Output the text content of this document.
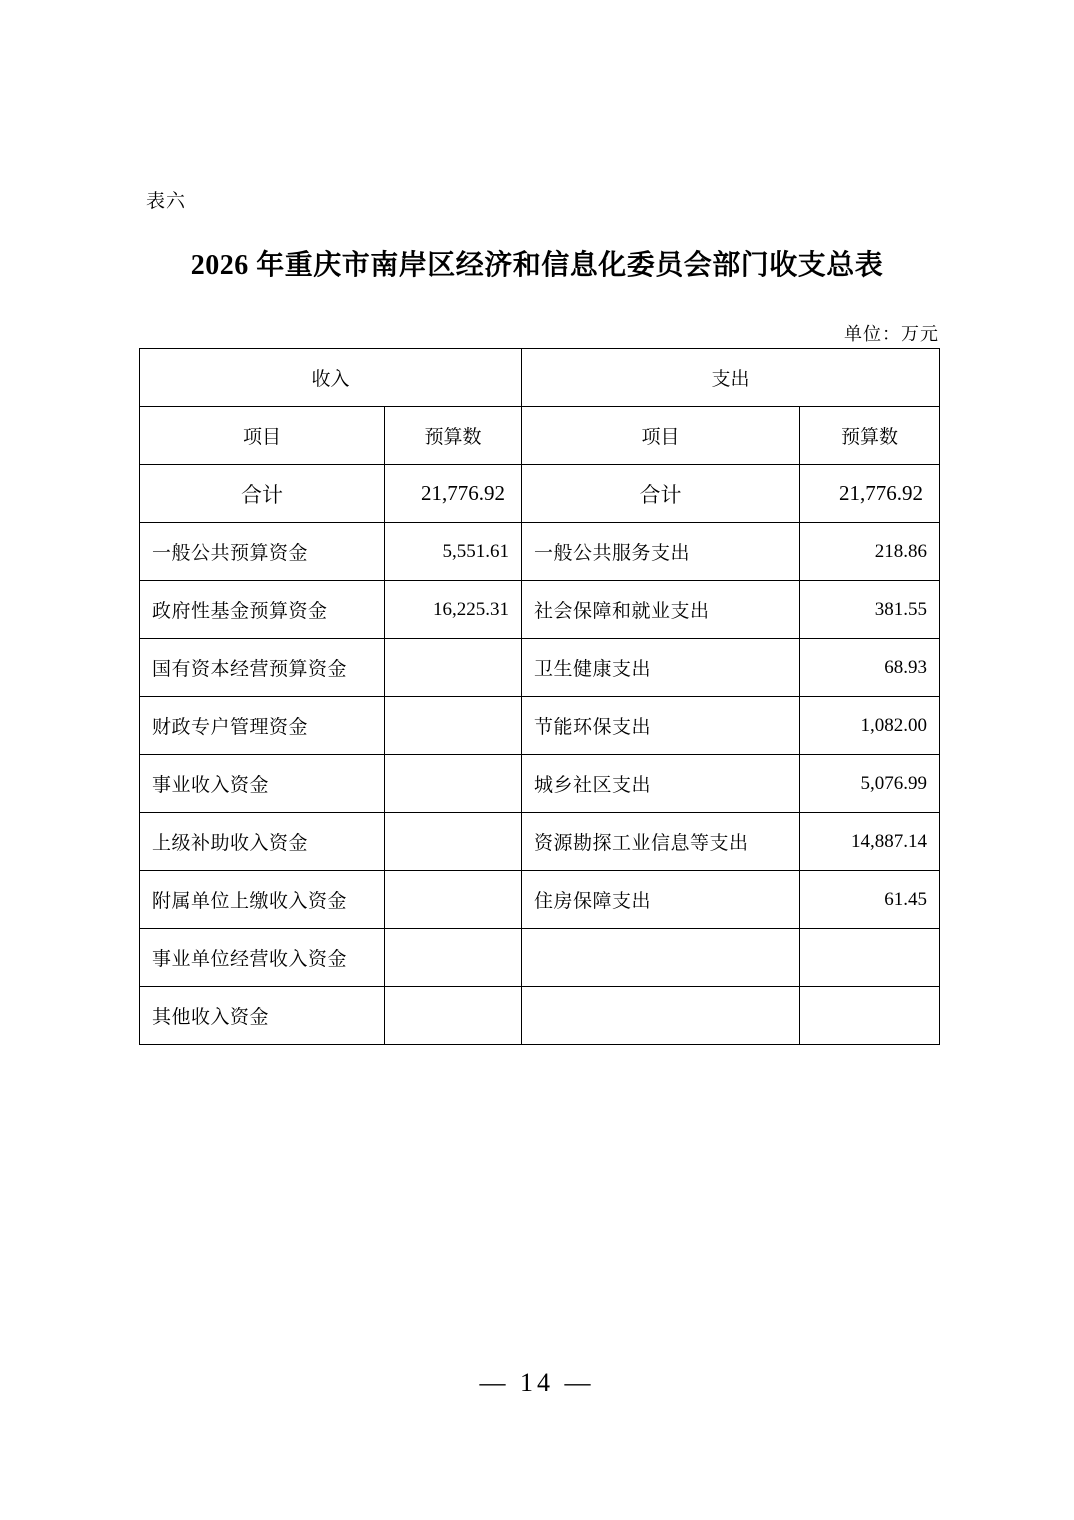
表六
2026 年重庆市南岸区经济和信息化委员会部门收支总表
单位：万元
收入		支出	
项目	预算数	项目	预算数
合计	21,776.92	合计	21,776.92
一般公共预算资金	5,551.61	一般公共服务支出	218.86
政府性基金预算资金	16,225.31	社会保障和就业支出	381.55
国有资本经营预算资金		卫生健康支出	68.93
财政专户管理资金		节能环保支出	1,082.00
事业收入资金		城乡社区支出	5,076.99
上级补助收入资金		资源勘探工业信息等支出	14,887.14
附属单位上缴收入资金		住房保障支出	61.45
事业单位经营收入资金			
其他收入资金			
— 14 —
